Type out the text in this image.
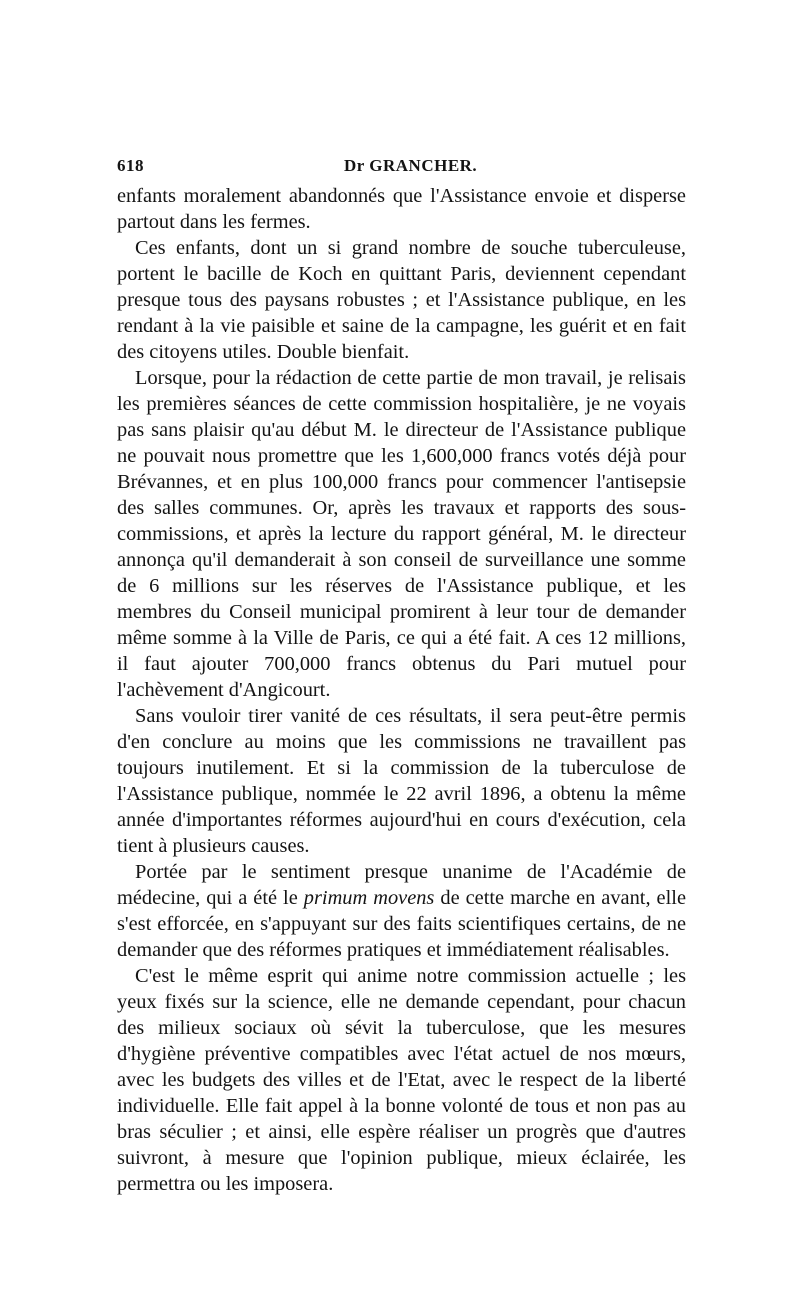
618	Dr GRANCHER.

enfants moralement abandonnés que l'Assistance envoie et disperse partout dans les fermes.

Ces enfants, dont un si grand nombre de souche tuberculeuse, portent le bacille de Koch en quittant Paris, deviennent cependant presque tous des paysans robustes ; et l'Assistance publique, en les rendant à la vie paisible et saine de la campagne, les guérit et en fait des citoyens utiles. Double bienfait.

Lorsque, pour la rédaction de cette partie de mon travail, je relisais les premières séances de cette commission hospitalière, je ne voyais pas sans plaisir qu'au début M. le directeur de l'Assistance publique ne pouvait nous promettre que les 1,600,000 francs votés déjà pour Brévannes, et en plus 100,000 francs pour commencer l'antisepsie des salles communes. Or, après les travaux et rapports des sous-commissions, et après la lecture du rapport général, M. le directeur annonça qu'il demanderait à son conseil de surveillance une somme de 6 millions sur les réserves de l'Assistance publique, et les membres du Conseil municipal promirent à leur tour de demander même somme à la Ville de Paris, ce qui a été fait. A ces 12 millions, il faut ajouter 700,000 francs obtenus du Pari mutuel pour l'achèvement d'Angicourt.

Sans vouloir tirer vanité de ces résultats, il sera peut-être permis d'en conclure au moins que les commissions ne travaillent pas toujours inutilement. Et si la commission de la tuberculose de l'Assistance publique, nommée le 22 avril 1896, a obtenu la même année d'importantes réformes aujourd'hui en cours d'exécution, cela tient à plusieurs causes.

Portée par le sentiment presque unanime de l'Académie de médecine, qui a été le primum movens de cette marche en avant, elle s'est efforcée, en s'appuyant sur des faits scientifiques certains, de ne demander que des réformes pratiques et immédiatement réalisables.

C'est le même esprit qui anime notre commission actuelle ; les yeux fixés sur la science, elle ne demande cependant, pour chacun des milieux sociaux où sévit la tuberculose, que les mesures d'hygiène préventive compatibles avec l'état actuel de nos mœurs, avec les budgets des villes et de l'Etat, avec le respect de la liberté individuelle. Elle fait appel à la bonne volonté de tous et non pas au bras séculier ; et ainsi, elle espère réaliser un progrès que d'autres suivront, à mesure que l'opinion publique, mieux éclairée, les permettra ou les imposera.
